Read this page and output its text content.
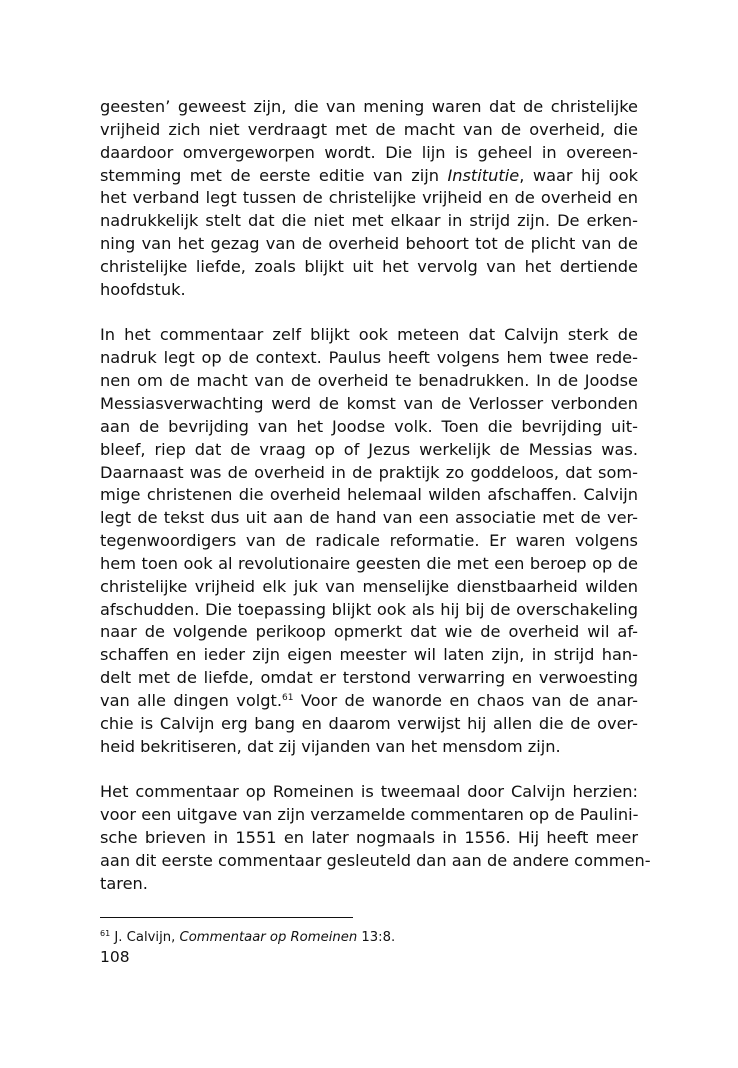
geesten’ geweest zijn, die van mening waren dat de christelijke
vrijheid zich niet verdraagt met de macht van de overheid, die
daardoor omvergeworpen wordt. Die lijn is geheel in overeen-
stemming met de eerste editie van zijn Institutie, waar hij ook
het verband legt tussen de christelijke vrijheid en de overheid en
nadrukkelijk stelt dat die niet met elkaar in strijd zijn. De erken-
ning van het gezag van de overheid behoort tot de plicht van de
christelijke liefde, zoals blijkt uit het vervolg van het dertiende
hoofdstuk.

In het commentaar zelf blijkt ook meteen dat Calvijn sterk de
nadruk legt op de context. Paulus heeft volgens hem twee rede-
nen om de macht van de overheid te benadrukken. In de Joodse
Messiasverwachting werd de komst van de Verlosser verbonden
aan de bevrijding van het Joodse volk. Toen die bevrijding uit-
bleef, riep dat de vraag op of Jezus werkelijk de Messias was.
Daarnaast was de overheid in de praktijk zo goddeloos, dat som-
mige christenen die overheid helemaal wilden afschaffen. Calvijn
legt de tekst dus uit aan de hand van een associatie met de ver-
tegenwoordigers van de radicale reformatie. Er waren volgens
hem toen ook al revolutionaire geesten die met een beroep op de
christelijke vrijheid elk juk van menselijke dienstbaarheid wilden
afschudden. Die toepassing blijkt ook als hij bij de overschakeling
naar de volgende perikoop opmerkt dat wie de overheid wil af-
schaffen en ieder zijn eigen meester wil laten zijn, in strijd han-
delt met de liefde, omdat er terstond verwarring en verwoesting
van alle dingen volgt.$^{61}$ Voor de wanorde en chaos van de anar-
chie is Calvijn erg bang en daarom verwijst hij allen die de over-
heid bekritiseren, dat zij vijanden van het mensdom zijn.

Het commentaar op Romeinen is tweemaal door Calvijn herzien:
voor een uitgave van zijn verzamelde commentaren op de Paulini-
sche brieven in 1551 en later nogmaals in 1556. Hij heeft meer
aan dit eerste commentaar gesleuteld dan aan de andere commen-
taren.

$^{61}$ J. Calvijn, Commentaar op Romeinen 13:8.
108
